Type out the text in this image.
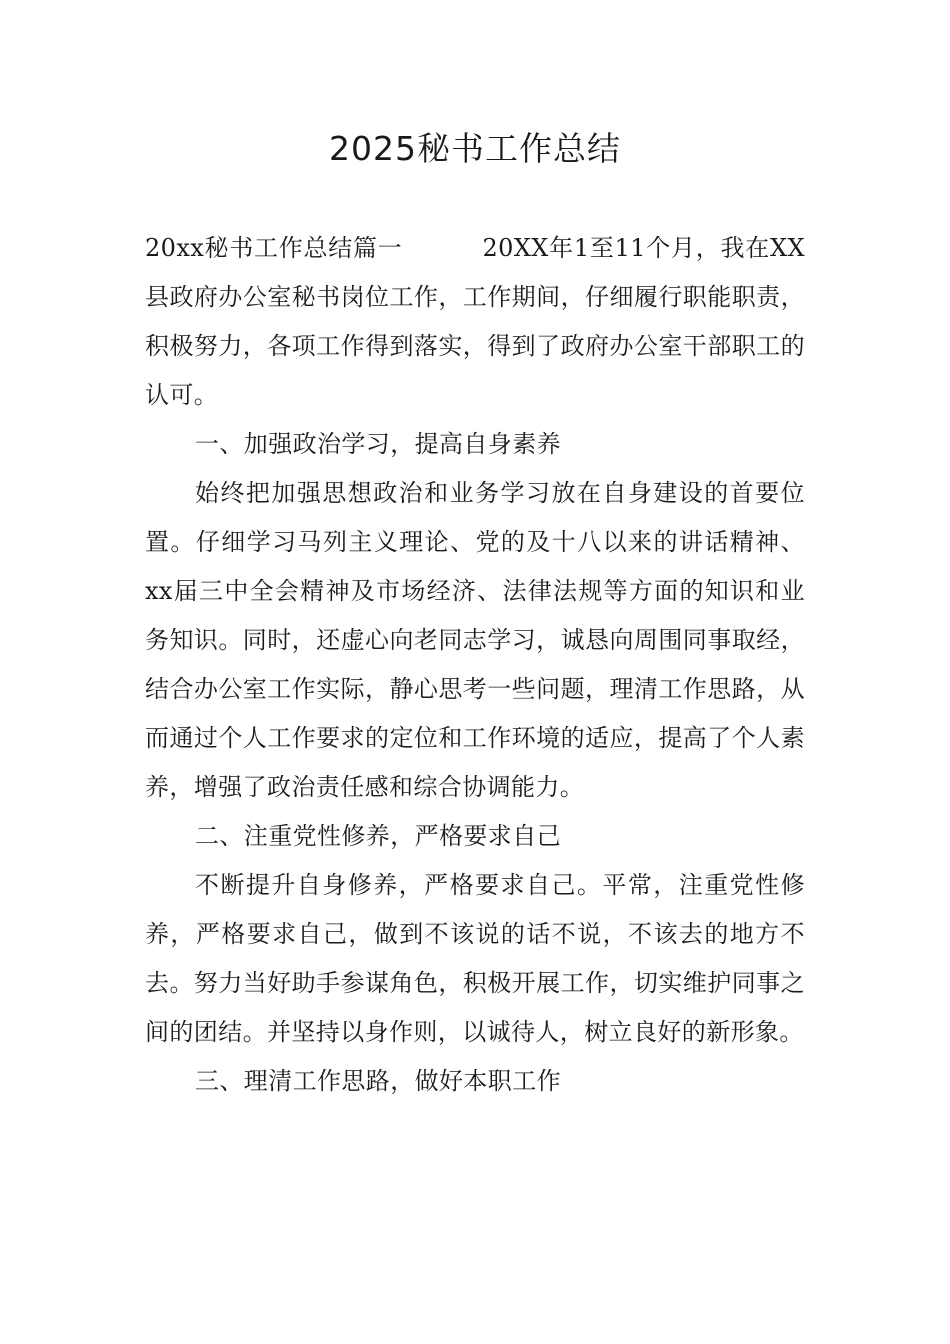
2025秘书工作总结

20xx秘书工作总结篇一	20XX年1至11个月，我在XX县政府办公室秘书岗位工作，工作期间，仔细履行职能职责，积极努力，各项工作得到落实，得到了政府办公室干部职工的认可。

一、加强政治学习，提高自身素养

始终把加强思想政治和业务学习放在自身建设的首要位置。仔细学习马列主义理论、党的及十八以来的讲话精神、xx届三中全会精神及市场经济、法律法规等方面的知识和业务知识。同时，还虚心向老同志学习，诚恳向周围同事取经，结合办公室工作实际，静心思考一些问题，理清工作思路，从而通过个人工作要求的定位和工作环境的适应，提高了个人素养，增强了政治责任感和综合协调能力。

二、注重党性修养，严格要求自己

不断提升自身修养，严格要求自己。平常，注重党性修养，严格要求自己，做到不该说的话不说，不该去的地方不去。努力当好助手参谋角色，积极开展工作，切实维护同事之间的团结。并坚持以身作则，以诚待人，树立良好的新形象。

三、理清工作思路，做好本职工作
